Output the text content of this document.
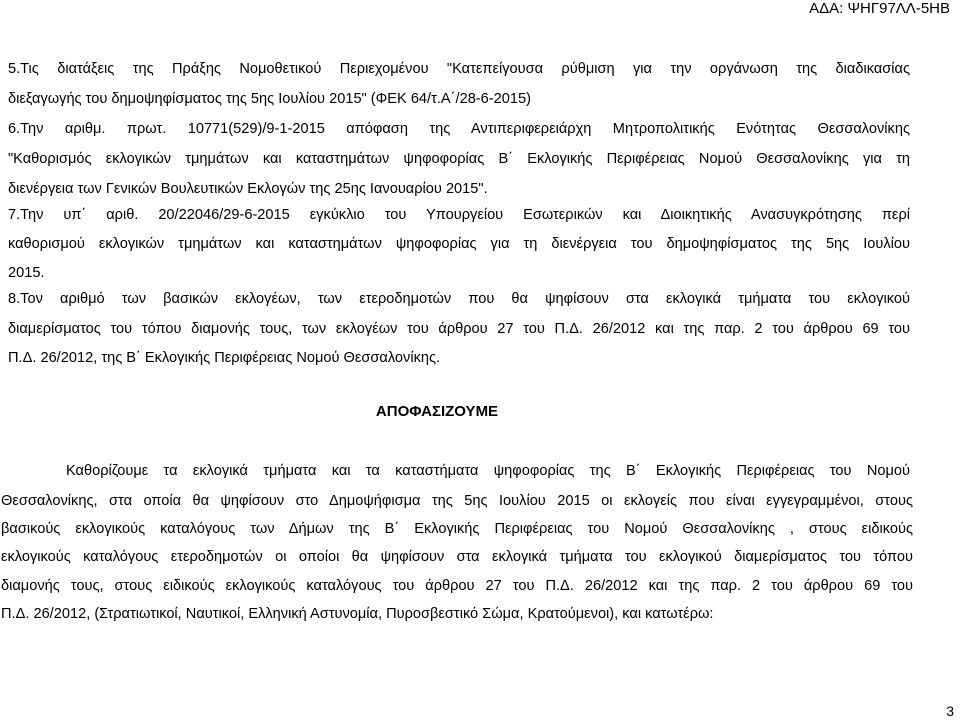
ΑΔΑ: ΨΗΓ97ΛΛ-5ΗΒ
5.Τις διατάξεις της Πράξης Νομοθετικού Περιεχομένου "Κατεπείγουσα ρύθμιση για την οργάνωση της διαδικασίας
διεξαγωγής του δημοψηφίσματος της 5ης Ιουλίου 2015" (ΦΕΚ 64/τ.Α΄/28-6-2015)
6.Την αριθμ. πρωτ. 10771(529)/9-1-2015 απόφαση της Αντιπεριφερειάρχη Μητροπολιτικής Ενότητας Θεσσαλονίκης
"Καθορισμός εκλογικών τμημάτων και καταστημάτων ψηφοφορίας Β΄ Εκλογικής Περιφέρειας Νομού Θεσσαλονίκης για τη
διενέργεια των Γενικών Βουλευτικών Εκλογών της 25ης Ιανουαρίου 2015".
7.Την υπ΄ αριθ. 20/22046/29-6-2015 εγκύκλιο του Υπουργείου Εσωτερικών και Διοικητικής Ανασυγκρότησης περί
καθορισμού εκλογικών τμημάτων και καταστημάτων ψηφοφορίας για τη διενέργεια του δημοψηφίσματος της 5ης Ιουλίου
2015.
8.Τον αριθμό των βασικών εκλογέων, των ετεροδημοτών που θα ψηφίσουν στα εκλογικά τμήματα του εκλογικού
διαμερίσματος του τόπου διαμονής τους, των εκλογέων του άρθρου 27 του Π.Δ. 26/2012 και της παρ. 2 του άρθρου 69 του
Π.Δ. 26/2012, της Β΄ Εκλογικής Περιφέρειας Νομού Θεσσαλονίκης.
ΑΠΟΦΑΣΙΖΟΥΜΕ
Καθορίζουμε τα εκλογικά τμήματα και τα καταστήματα ψηφοφορίας της Β΄ Εκλογικής Περιφέρειας του Νομού
Θεσσαλονίκης, στα οποία θα ψηφίσουν στο Δημοψήφισμα της 5ης Ιουλίου 2015 οι εκλογείς που είναι εγγεγραμμένοι, στους
βασικούς εκλογικούς καταλόγους των Δήμων της Β΄ Εκλογικής Περιφέρειας του Νομού Θεσσαλονίκης , στους ειδικούς
εκλογικούς καταλόγους ετεροδημοτών οι οποίοι θα ψηφίσουν στα εκλογικά τμήματα του εκλογικού διαμερίσματος του τόπου
διαμονής τους, στους ειδικούς εκλογικούς καταλόγους του άρθρου 27 του Π.Δ. 26/2012 και της παρ. 2 του άρθρου 69 του
Π.Δ. 26/2012, (Στρατιωτικοί, Ναυτικοί, Ελληνική Αστυνομία, Πυροσβεστικό Σώμα, Κρατούμενοι), και κατωτέρω:
3
